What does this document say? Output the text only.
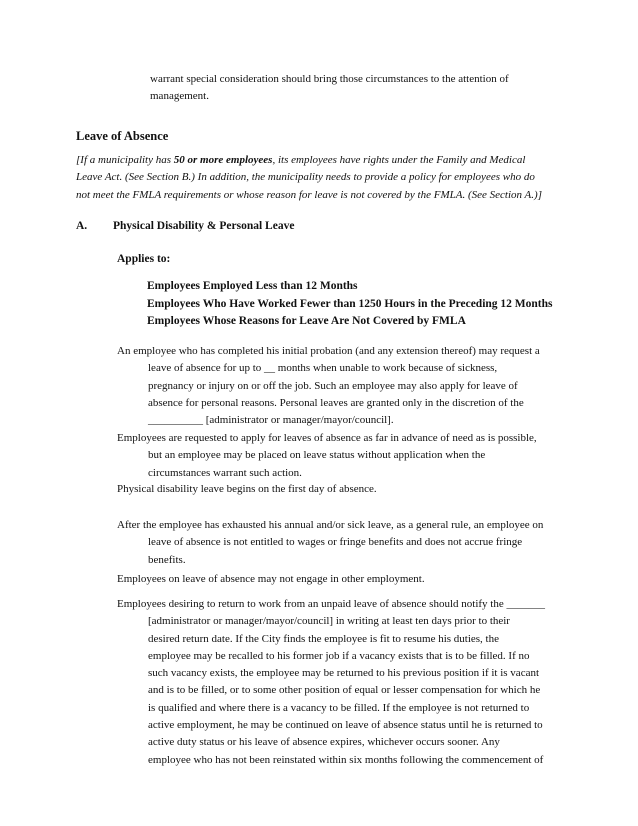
warrant special consideration should bring those circumstances to the attention of
management.
Leave of Absence
[If a municipality has 50 or more employees, its employees have rights under the Family and Medical
Leave Act. (See Section B.) In addition, the municipality needs to provide a policy for employees who do
not meet the FMLA requirements or whose reason for leave is not covered by the FMLA. (See Section A.)]
A. Physical Disability & Personal Leave
Applies to:
Employees Employed Less than 12 Months
Employees Who Have Worked Fewer than 1250 Hours in the Preceding 12 Months
Employees Whose Reasons for Leave Are Not Covered by FMLA
An employee who has completed his initial probation (and any extension thereof) may request a
leave of absence for up to __ months when unable to work because of sickness,
pregnancy or injury on or off the job. Such an employee may also apply for leave of
absence for personal reasons. Personal leaves are granted only in the discretion of the
__________ [administrator or manager/mayor/council].
Employees are requested to apply for leaves of absence as far in advance of need as is possible,
but an employee may be placed on leave status without application when the
circumstances warrant such action.
Physical disability leave begins on the first day of absence.
After the employee has exhausted his annual and/or sick leave, as a general rule, an employee on
leave of absence is not entitled to wages or fringe benefits and does not accrue fringe
benefits.
Employees on leave of absence may not engage in other employment.
Employees desiring to return to work from an unpaid leave of absence should notify the _______
[administrator or manager/mayor/council] in writing at least ten days prior to their
desired return date. If the City finds the employee is fit to resume his duties, the
employee may be recalled to his former job if a vacancy exists that is to be filled. If no
such vacancy exists, the employee may be returned to his previous position if it is vacant
and is to be filled, or to some other position of equal or lesser compensation for which he
is qualified and where there is a vacancy to be filled. If the employee is not returned to
active employment, he may be continued on leave of absence status until he is returned to
active duty status or his leave of absence expires, whichever occurs sooner. Any
employee who has not been reinstated within six months following the commencement of
